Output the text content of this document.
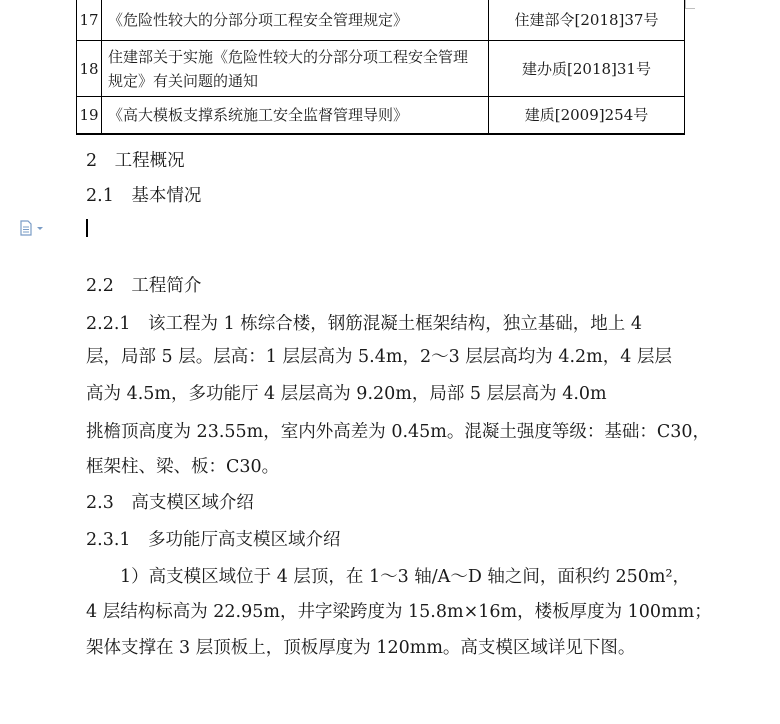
17	《危险性较大的分部分项工程安全管理规定》	住建部令[2018]37号
18	住建部关于实施《危险性较大的分部分项工程安全管理规定》有关问题的通知	建办质[2018]31号
19	《高大模板支撑系统施工安全监督管理导则》	建质[2009]254号
2　工程概况
2.1　基本情况
2.2　工程简介
2.2.1　该工程为 1 栋综合楼，钢筋混凝土框架结构，独立基础，地上 4
层，局部 5 层。层高：1 层层高为 5.4m，2～3 层层高均为 4.2m，4 层层
高为 4.5m，多功能厅 4 层层高为 9.20m，局部 5 层层高为 4.0m
挑檐顶高度为 23.55m，室内外高差为 0.45m。混凝土强度等级：基础：C30，
框架柱、梁、板：C30。
2.3　高支模区域介绍
2.3.1　多功能厅高支模区域介绍
1）高支模区域位于 4 层顶，在 1～3 轴/A～D 轴之间，面积约 250m²，
4 层结构标高为 22.95m，井字梁跨度为 15.8m×16m，楼板厚度为 100mm；
架体支撑在 3 层顶板上，顶板厚度为 120mm。高支模区域详见下图。
